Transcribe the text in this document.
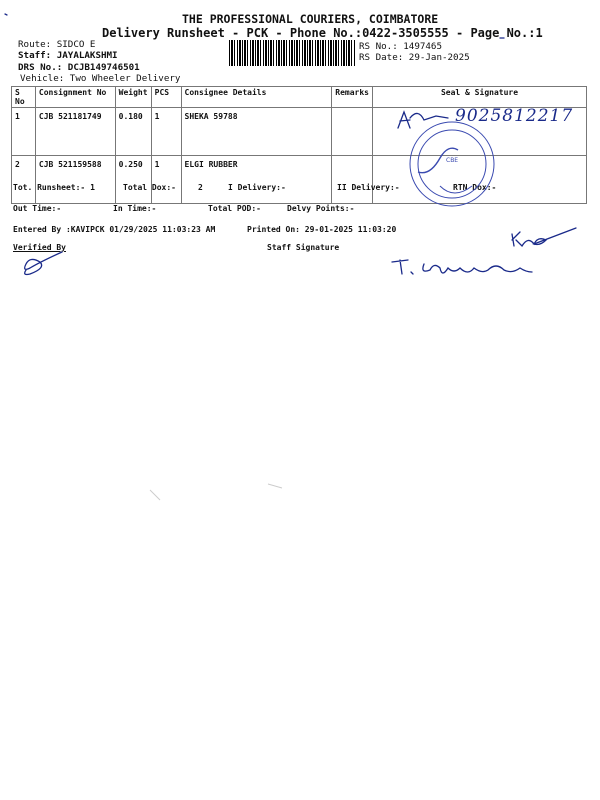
THE PROFESSIONAL COURIERS, COIMBATORE
Delivery Runsheet - PCK - Phone No.:0422-3505555 - Page No.:1
Route: SIDCO E
Staff: JAYALAKSHMI
DRS No.: DCJB149746501
Vehicle: Two Wheeler Delivery
RS No.: 1497465
RS Date: 29-Jan-2025
S No	Consignment No	Weight	PCS	Consignee Details	Remarks	Seal & Signature
1	CJB 521181749	0.180	1	SHEKA 59788		
2	CJB 521159588	0.250	1	ELGI RUBBER		
Tot. Runsheet:- 1	Total Dox:-	2	I Delivery:-	II Delivery:-	RTN Dox:-
Out Time:-	In Time:-	Total POD:-	Delvy Points:-
Entered By :KAVIPCK 01/29/2025 11:03:23 AM	Printed On: 29-01-2025 11:03:20
Verified By	Staff Signature
9025812217
CBE
